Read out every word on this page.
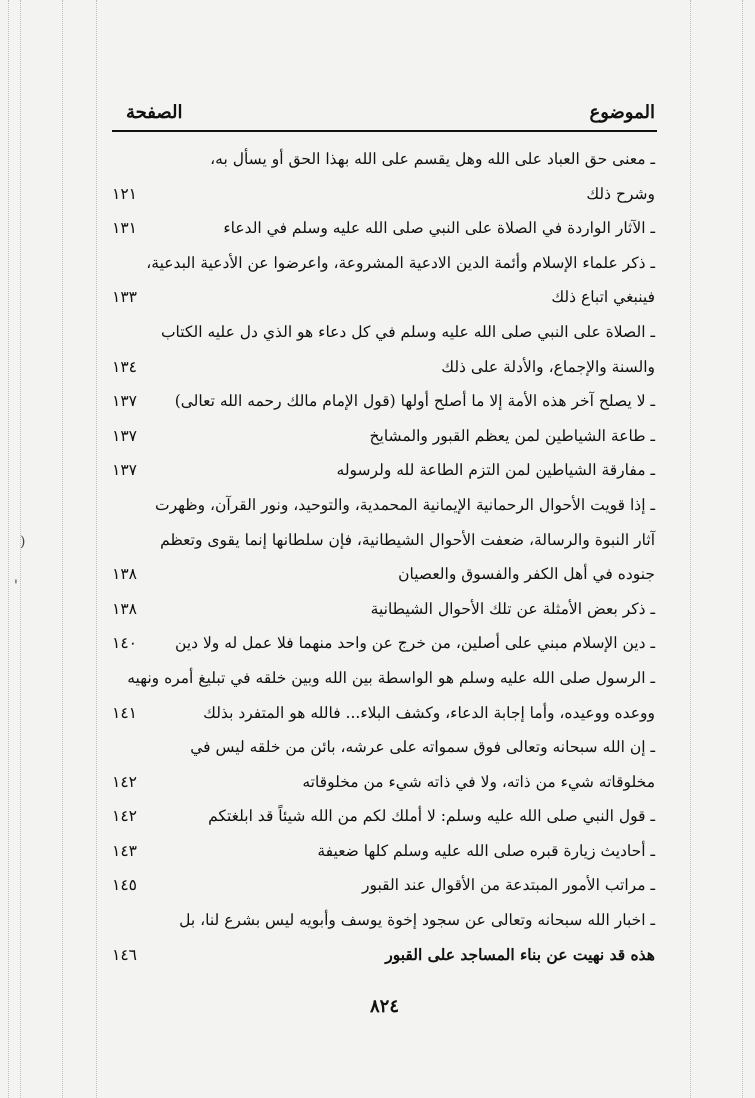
)
'
الموضوع
الصفحة
ـ معنى حق العباد على الله وهل يقسم على الله بهذا الحق أو يسأل به،
وشرح ذلك
١٢١
ـ الآثار الواردة في الصلاة على النبي صلى الله عليه وسلم في الدعاء
١٣١
ـ ذكر علماء الإسلام وأئمة الدين الادعية المشروعة، واعرضوا عن الأدعية البدعية،
فينبغي اتباع ذلك
١٣٣
ـ الصلاة على النبي صلى الله عليه وسلم في كل دعاء هو الذي دل عليه الكتاب
والسنة والإجماع، والأدلة على ذلك
١٣٤
ـ لا يصلح آخر هذه الأمة إلا ما أصلح أولها (قول الإمام مالك رحمه الله تعالى)
١٣٧
ـ طاعة الشياطين لمن يعظم القبور والمشايخ
١٣٧
ـ مفارقة الشياطين لمن التزم الطاعة لله ولرسوله
١٣٧
ـ إذا قويت الأحوال الرحمانية الإيمانية المحمدية، والتوحيد، ونور القرآن، وظهرت
آثار النبوة والرسالة، ضعفت الأحوال الشيطانية، فإن سلطانها إنما يقوى وتعظم
جنوده في أهل الكفر والفسوق والعصيان
١٣٨
ـ ذكر بعض الأمثلة عن تلك الأحوال الشيطانية
١٣٨
ـ دين الإسلام مبني على أصلين، من خرج عن واحد منهما فلا عمل له ولا دين
١٤٠
ـ الرسول صلى الله عليه وسلم هو الواسطة بين الله وبين خلقه في تبليغ أمره ونهيه
ووعده ووعيده، وأما إجابة الدعاء، وكشف البلاء... فالله هو المتفرد بذلك
١٤١
ـ إن الله سبحانه وتعالى فوق سمواته على عرشه، بائن من خلقه ليس في
مخلوقاته شيء من ذاته، ولا في ذاته شيء من مخلوقاته
١٤٢
ـ قول النبي صلى الله عليه وسلم: لا أملك لكم من الله شيئاً قد ابلغتكم
١٤٢
ـ أحاديث زيارة قبره صلى الله عليه وسلم كلها ضعيفة
١٤٣
ـ مراتب الأمور المبتدعة من الأقوال عند القبور
١٤٥
ـ اخبار الله سبحانه وتعالى عن سجود إخوة يوسف وأبويه ليس بشرع لنا، بل
هذه قد نهيت عن بناء المساجد على القبور
١٤٦
٨٢٤
